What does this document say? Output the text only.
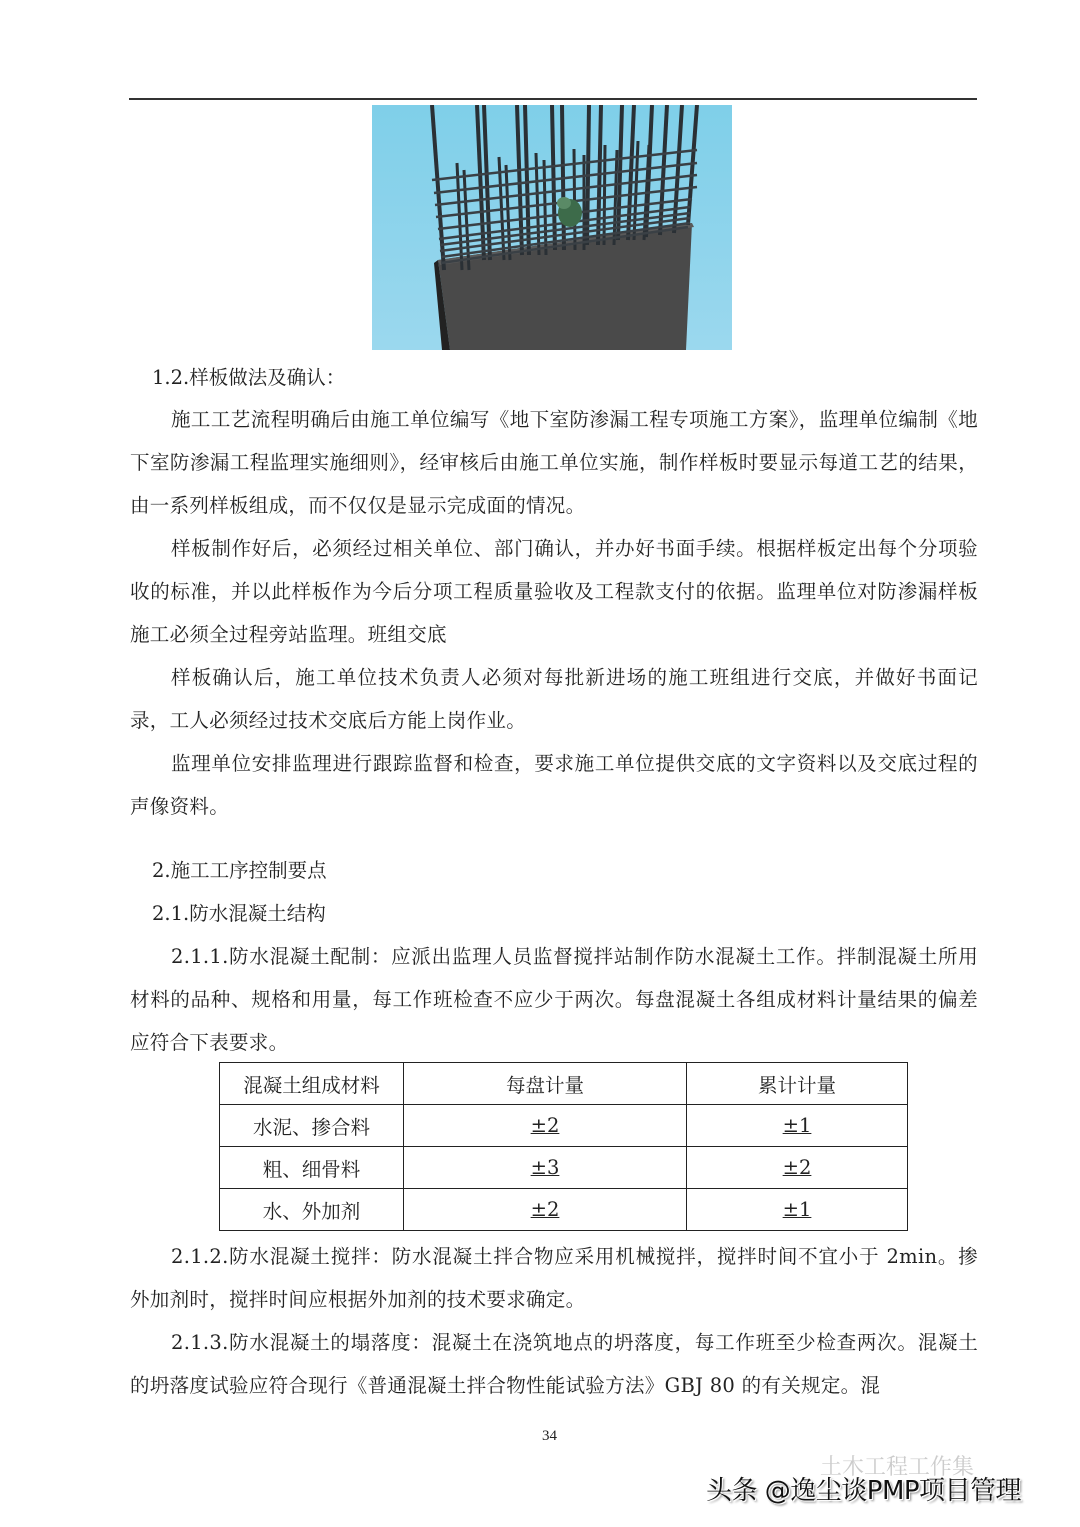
1.2.样板做法及确认：
施工工艺流程明确后由施工单位编写《地下室防渗漏工程专项施工方案》，监理单位编制《地下室防渗漏工程监理实施细则》，经审核后由施工单位实施，制作样板时要显示每道工艺的结果，由一系列样板组成，而不仅仅是显示完成面的情况。
样板制作好后，必须经过相关单位、部门确认，并办好书面手续。根据样板定出每个分项验收的标准，并以此样板作为今后分项工程质量验收及工程款支付的依据。监理单位对防渗漏样板施工必须全过程旁站监理。班组交底
样板确认后，施工单位技术负责人必须对每批新进场的施工班组进行交底，并做好书面记录，工人必须经过技术交底后方能上岗作业。
监理单位安排监理进行跟踪监督和检查，要求施工单位提供交底的文字资料以及交底过程的声像资料。
2.施工工序控制要点
2.1.防水混凝土结构
2.1.1.防水混凝土配制：应派出监理人员监督搅拌站制作防水混凝土工作。拌制混凝土所用材料的品种、规格和用量，每工作班检查不应少于两次。每盘混凝土各组成材料计量结果的偏差应符合下表要求。
混凝土组成材料	每盘计量	累计计量
水泥、掺合料	±2	±1
粗、细骨料	±3	±2
水、外加剂	±2	±1
2.1.2.防水混凝土搅拌：防水混凝土拌合物应采用机械搅拌，搅拌时间不宜小于 2min。掺外加剂时，搅拌时间应根据外加剂的技术要求确定。
2.1.3.防水混凝土的塌落度：混凝土在浇筑地点的坍落度，每工作班至少检查两次。混凝土的坍落度试验应符合现行《普通混凝土拌合物性能试验方法》GBJ 80 的有关规定。混
34
土木工程工作集
头条 @逸尘谈PMP项目管理
